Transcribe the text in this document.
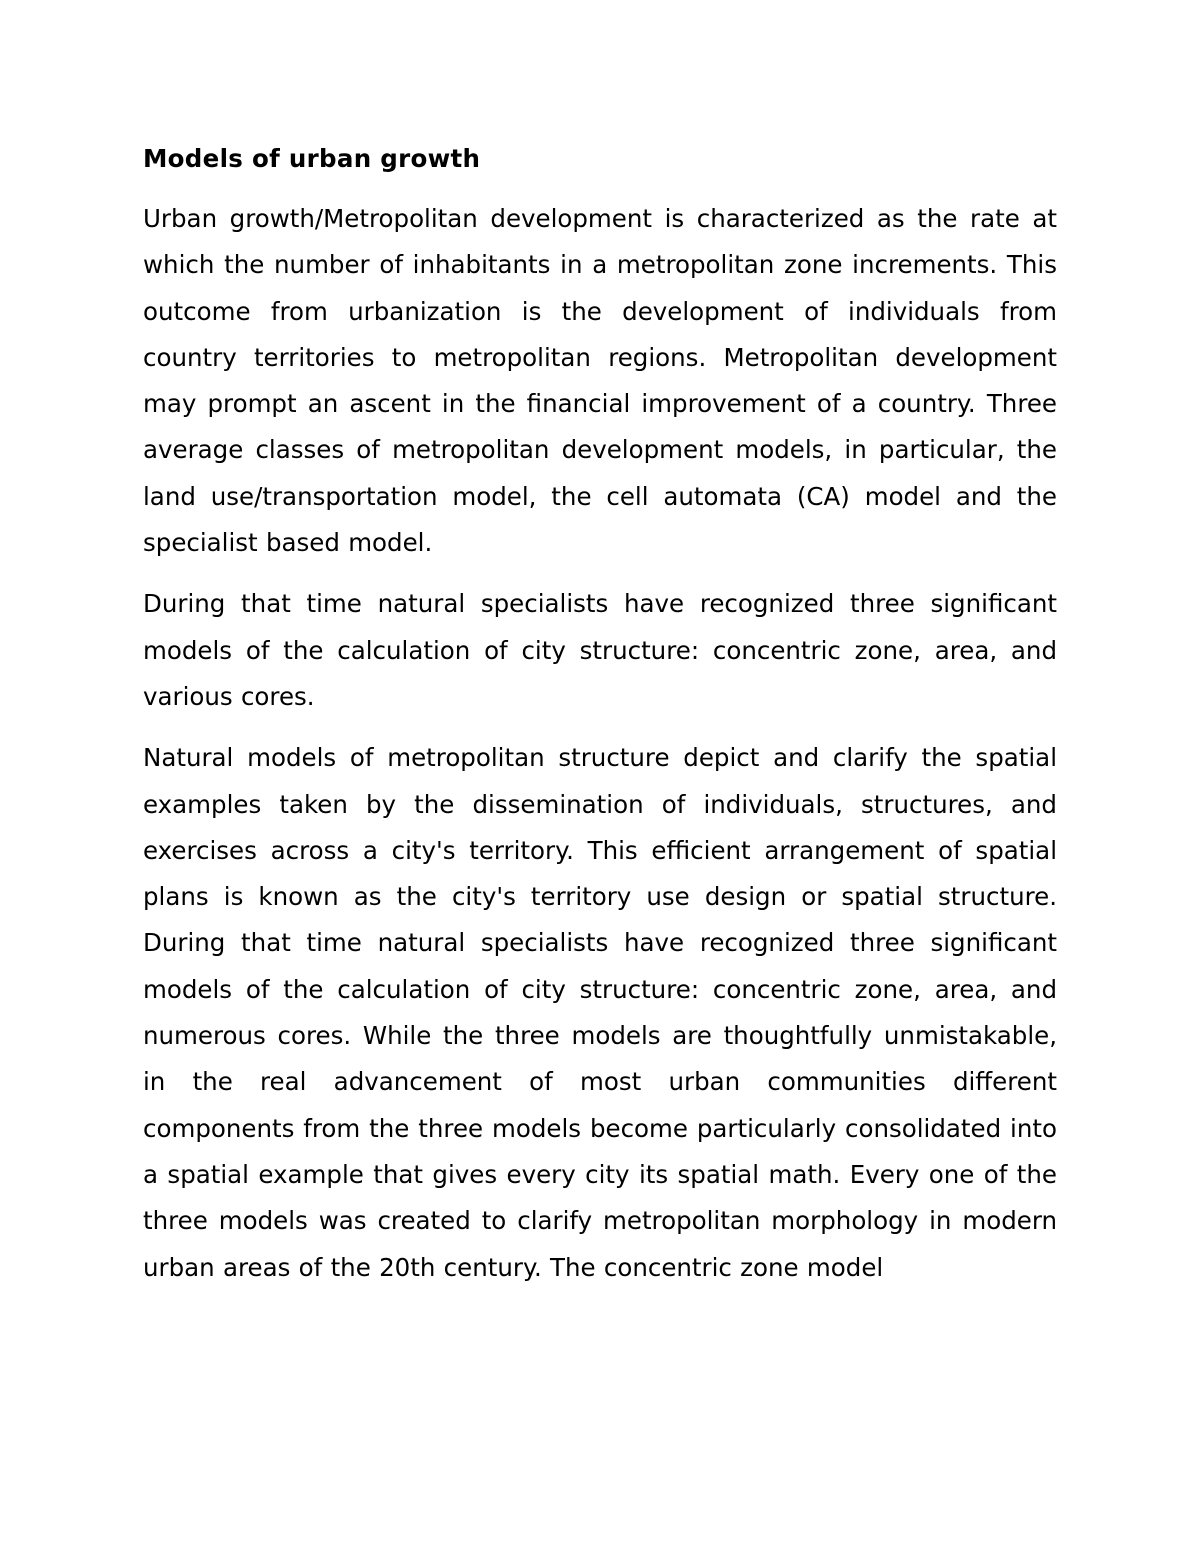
Models of urban growth

Urban growth/Metropolitan development is characterized as the rate at which the number of inhabitants in a metropolitan zone increments. This outcome from urbanization is the development of individuals from country territories to metropolitan regions. Metropolitan development may prompt an ascent in the financial improvement of a country. Three average classes of metropolitan development models, in particular, the land use/transportation model, the cell automata (CA) model and the specialist based model.

During that time natural specialists have recognized three significant models of the calculation of city structure: concentric zone, area, and various cores.

Natural models of metropolitan structure depict and clarify the spatial examples taken by the dissemination of individuals, structures, and exercises across a city's territory. This efficient arrangement of spatial plans is known as the city's territory use design or spatial structure. During that time natural specialists have recognized three significant models of the calculation of city structure: concentric zone, area, and numerous cores. While the three models are thoughtfully unmistakable, in the real advancement of most urban communities different components from the three models become particularly consolidated into a spatial example that gives every city its spatial math. Every one of the three models was created to clarify metropolitan morphology in modern urban areas of the 20th century. The concentric zone model
